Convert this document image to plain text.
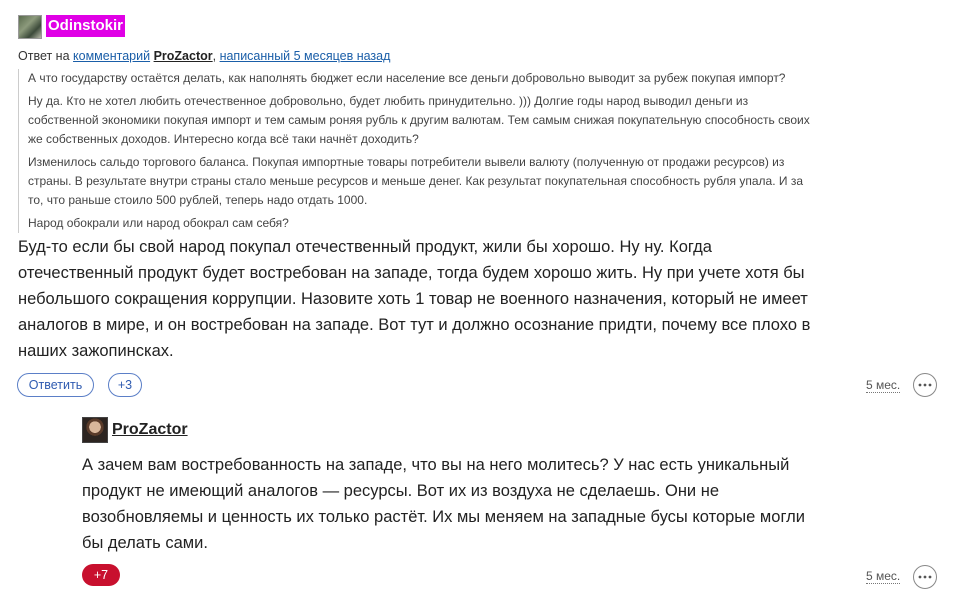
Odinstokir
Ответ на комментарий ProZactor, написанный 5 месяцев назад

А что государству остаётся делать, как наполнять бюджет если население все деньги добровольно выводит за рубеж покупая импорт?

Ну да. Кто не хотел любить отечественное добровольно, будет любить принудительно. ))) Долгие годы народ выводил деньги из собственной экономики покупая импорт и тем самым роняя рубль к другим валютам. Тем самым снижая покупательную способность своих же собственных доходов. Интересно когда всё таки начнёт доходить?

Изменилось сальдо торгового баланса. Покупая импортные товары потребители вывели валюту (полученную от продажи ресурсов) из страны. В результате внутри страны стало меньше ресурсов и меньше денег. Как результат покупательная способность рубля упала. И за то, что раньше стоило 500 рублей, теперь надо отдать 1000.

Народ обокрали или народ обокрал сам себя?

Буд-то если бы свой народ покупал отечественный продукт, жили бы хорошо. Ну ну. Когда отечественный продукт будет востребован на западе, тогда будем хорошо жить. Ну при учете хотя бы небольшого сокращения коррупции. Назовите хоть 1 товар не военного назначения, который не имеет аналогов в мире, и он востребован на западе. Вот тут и должно осознание придти, почему все плохо в наших зажопинсках.
Ответить	+3	5 мес.
ProZactor
А зачем вам востребованность на западе, что вы на него молитесь? У нас есть уникальный продукт не имеющий аналогов — ресурсы. Вот их из воздуха не сделаешь. Они не возобновляемы и ценность их только растёт. Их мы меняем на западные бусы которые могли бы делать сами.
+7	5 мес.
